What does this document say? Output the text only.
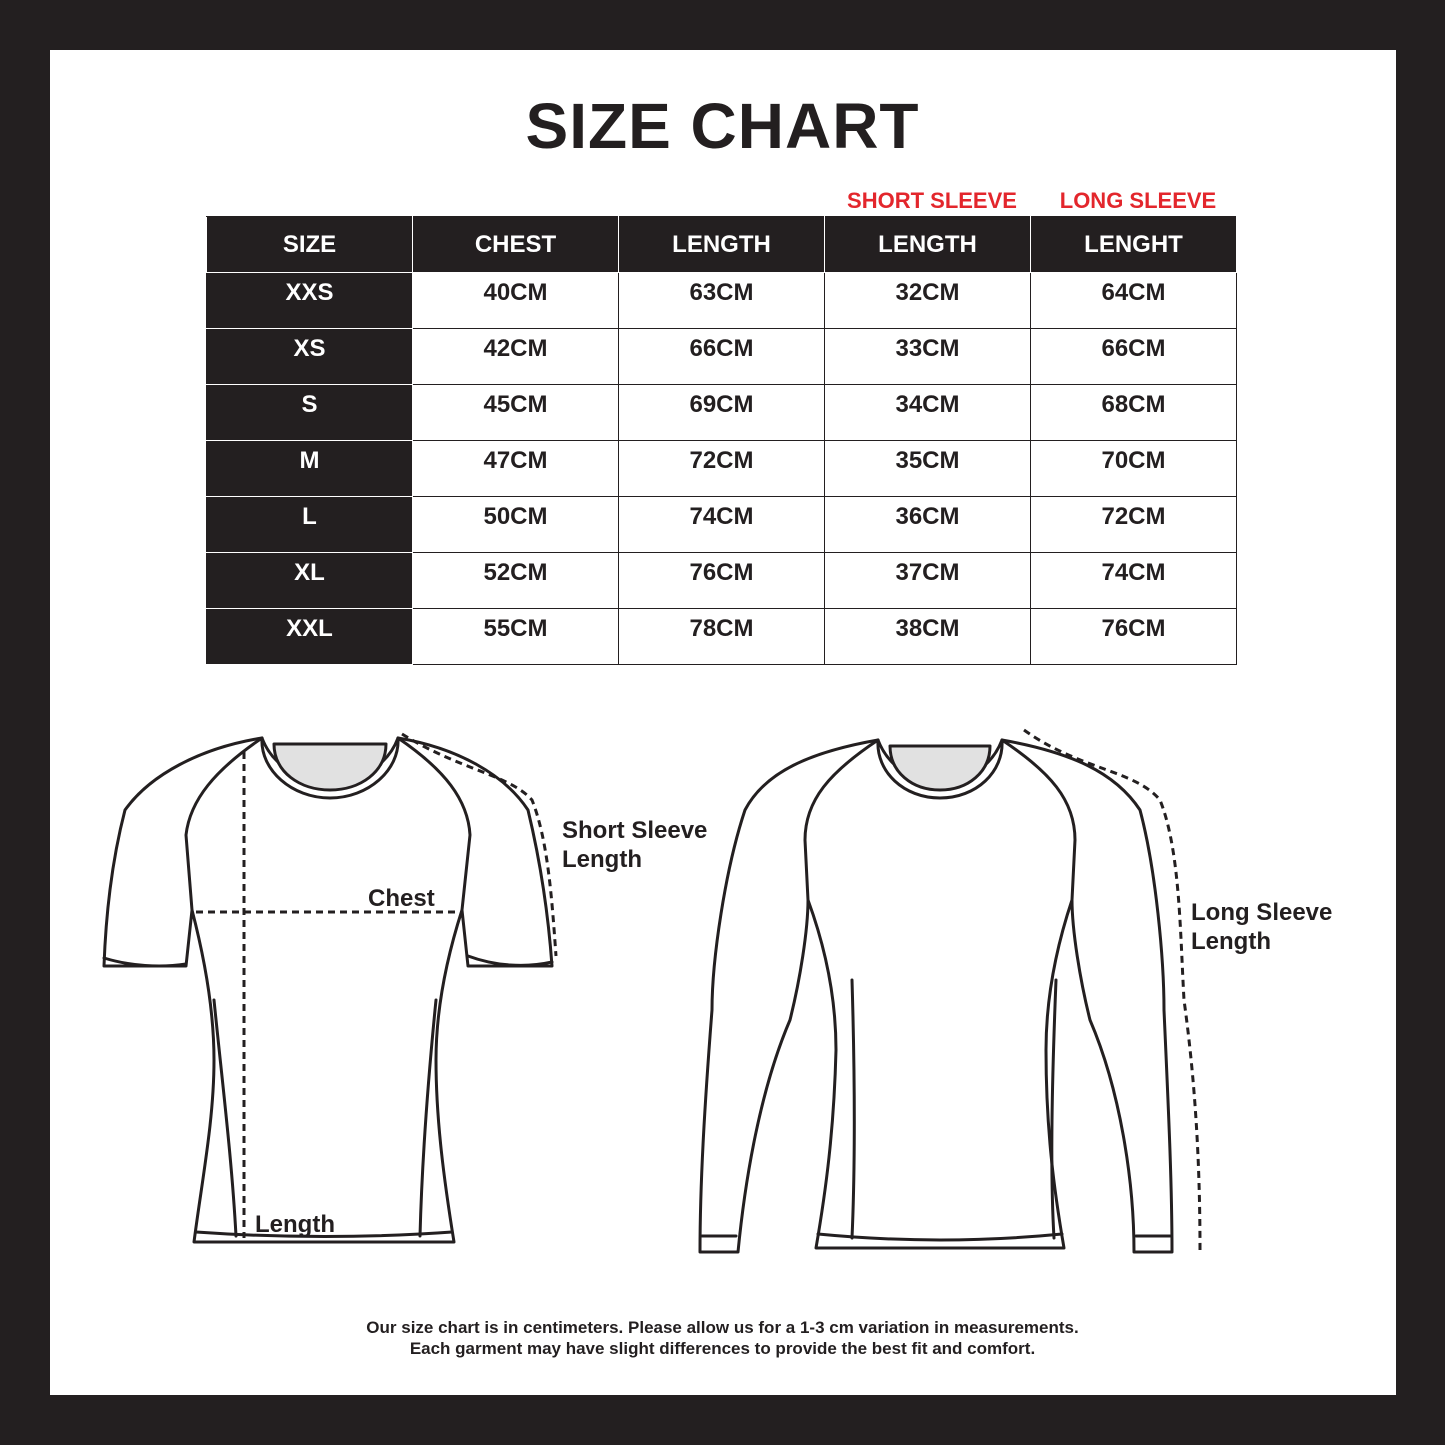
SIZE CHART
SHORT SLEEVE	LONG SLEEVE
SIZE	CHEST	LENGTH	LENGTH	LENGHT
XXS	40CM	63CM	32CM	64CM
XS	42CM	66CM	33CM	66CM
S	45CM	69CM	34CM	68CM
M	47CM	72CM	35CM	70CM
L	50CM	74CM	36CM	72CM
XL	52CM	76CM	37CM	74CM
XXL	55CM	78CM	38CM	76CM
Short Sleeve
Length
Chest
Length
Long Sleeve
Length
Our size chart is in centimeters. Please allow us for a 1-3 cm variation in measurements.
Each garment may have slight differences to provide the best fit and comfort.
